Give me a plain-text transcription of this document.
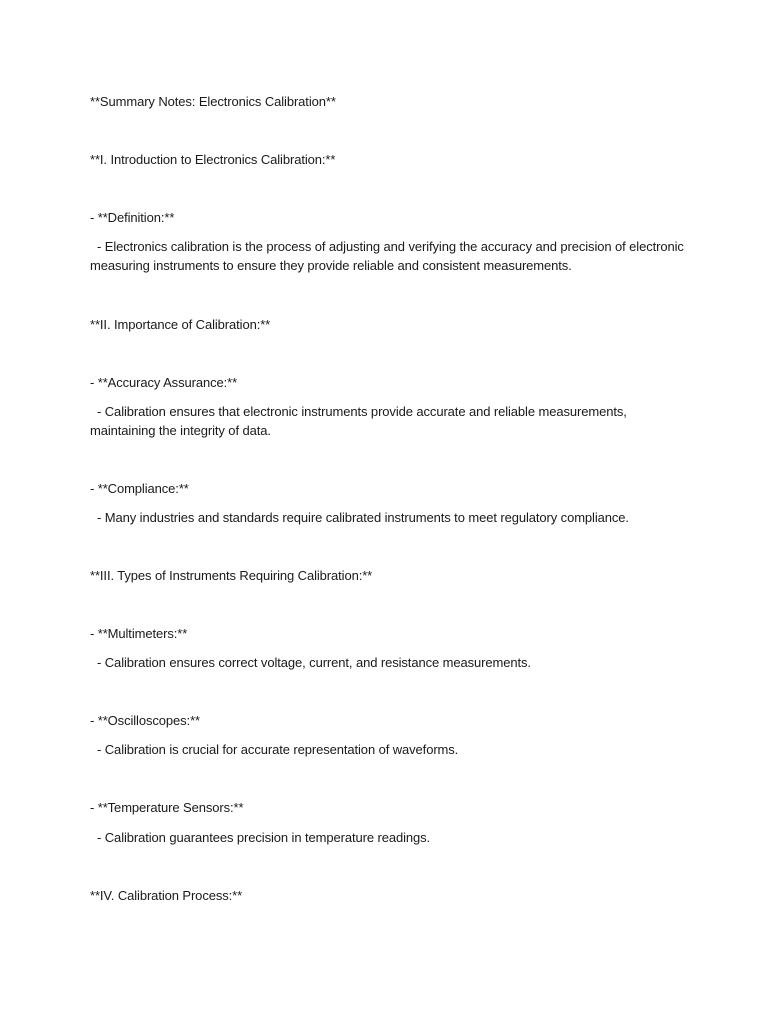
**Summary Notes: Electronics Calibration**
**I. Introduction to Electronics Calibration:**
- **Definition:**
- Electronics calibration is the process of adjusting and verifying the accuracy and precision of electronic measuring instruments to ensure they provide reliable and consistent measurements.
**II. Importance of Calibration:**
- **Accuracy Assurance:**
- Calibration ensures that electronic instruments provide accurate and reliable measurements, maintaining the integrity of data.
- **Compliance:**
- Many industries and standards require calibrated instruments to meet regulatory compliance.
**III. Types of Instruments Requiring Calibration:**
- **Multimeters:**
- Calibration ensures correct voltage, current, and resistance measurements.
- **Oscilloscopes:**
- Calibration is crucial for accurate representation of waveforms.
- **Temperature Sensors:**
- Calibration guarantees precision in temperature readings.
**IV. Calibration Process:**
